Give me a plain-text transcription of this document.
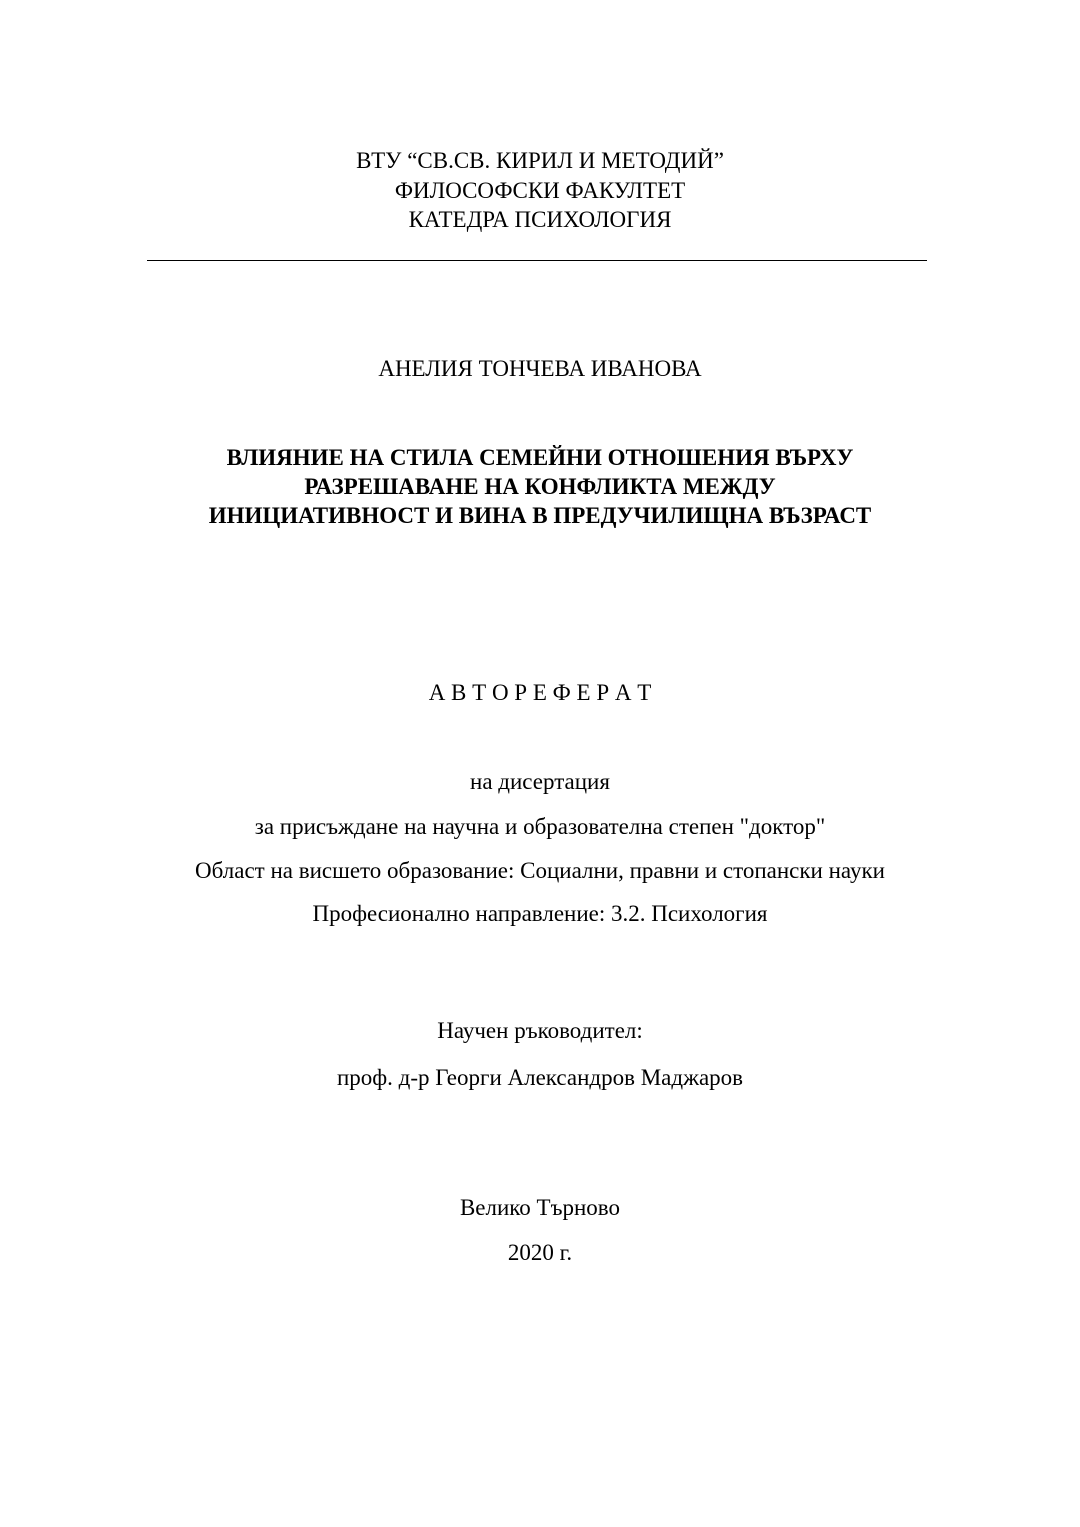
ВТУ “СВ.СВ. КИРИЛ И МЕТОДИЙ”
ФИЛОСОФСКИ ФАКУЛТЕТ
КАТЕДРА ПСИХОЛОГИЯ
АНЕЛИЯ ТОНЧЕВА ИВАНОВА
ВЛИЯНИЕ НА СТИЛА СЕМЕЙНИ ОТНОШЕНИЯ ВЪРХУ
РАЗРЕШАВАНЕ НА КОНФЛИКТА МЕЖДУ
ИНИЦИАТИВНОСТ И ВИНА В ПРЕДУЧИЛИЩНА ВЪЗРАСТ
А В Т О Р Е Ф Е Р А Т
на дисертация
за присъждане на научна и образователна степен "доктор"
Област на висшето образование: Социални, правни и стопански науки
Професионално направление: 3.2. Психология
Научен ръководител:
проф. д-р Георги Александров Маджаров
Велико Търново
2020 г.
